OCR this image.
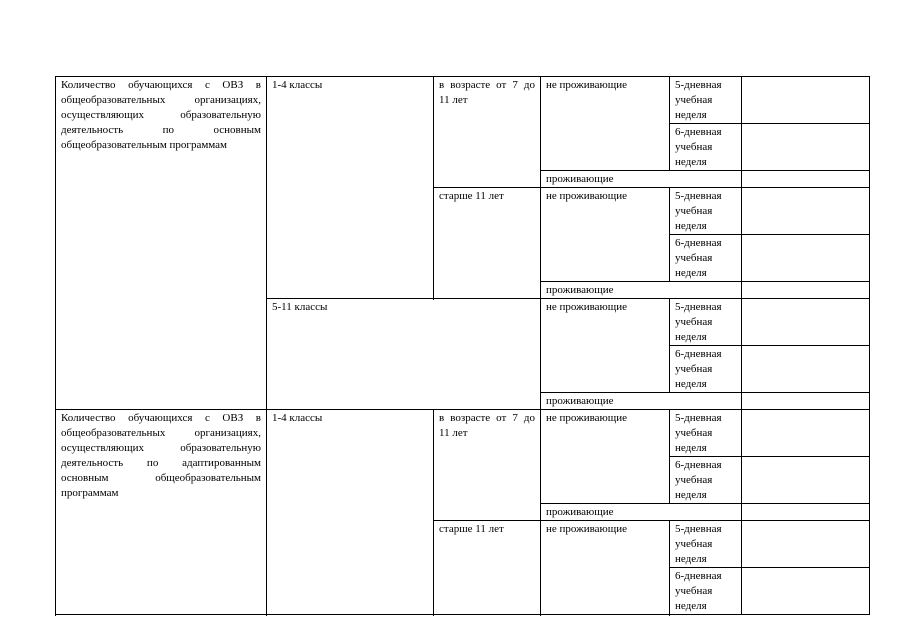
Количество обучающихся с ОВЗ в общеобразовательных организациях, осуществляющих образовательную деятельность по основным общеобразовательным программам	1-4 классы	в возрасте от 7 до 11 лет	не проживающие	5-дневная учебная неделя	
				6-дневная учебная неделя	
			проживающие		

		старше 11 лет	не проживающие	5-дневная учебная неделя	
				6-дневная учебная неделя	
			проживающие		

	5-11 классы		не проживающие	5-дневная учебная неделя	
				6-дневная учебная неделя	
			проживающие		

Количество обучающихся с ОВЗ в общеобразовательных организациях, осуществляющих образовательную деятельность по адаптированным основным общеобразовательным программам	1-4 классы	в возрасте от 7 до 11 лет	не проживающие	5-дневная учебная неделя	
				6-дневная учебная неделя	
			проживающие		
		старше 11 лет	не проживающие	5-дневная учебная неделя	
				6-дневная учебная неделя	
